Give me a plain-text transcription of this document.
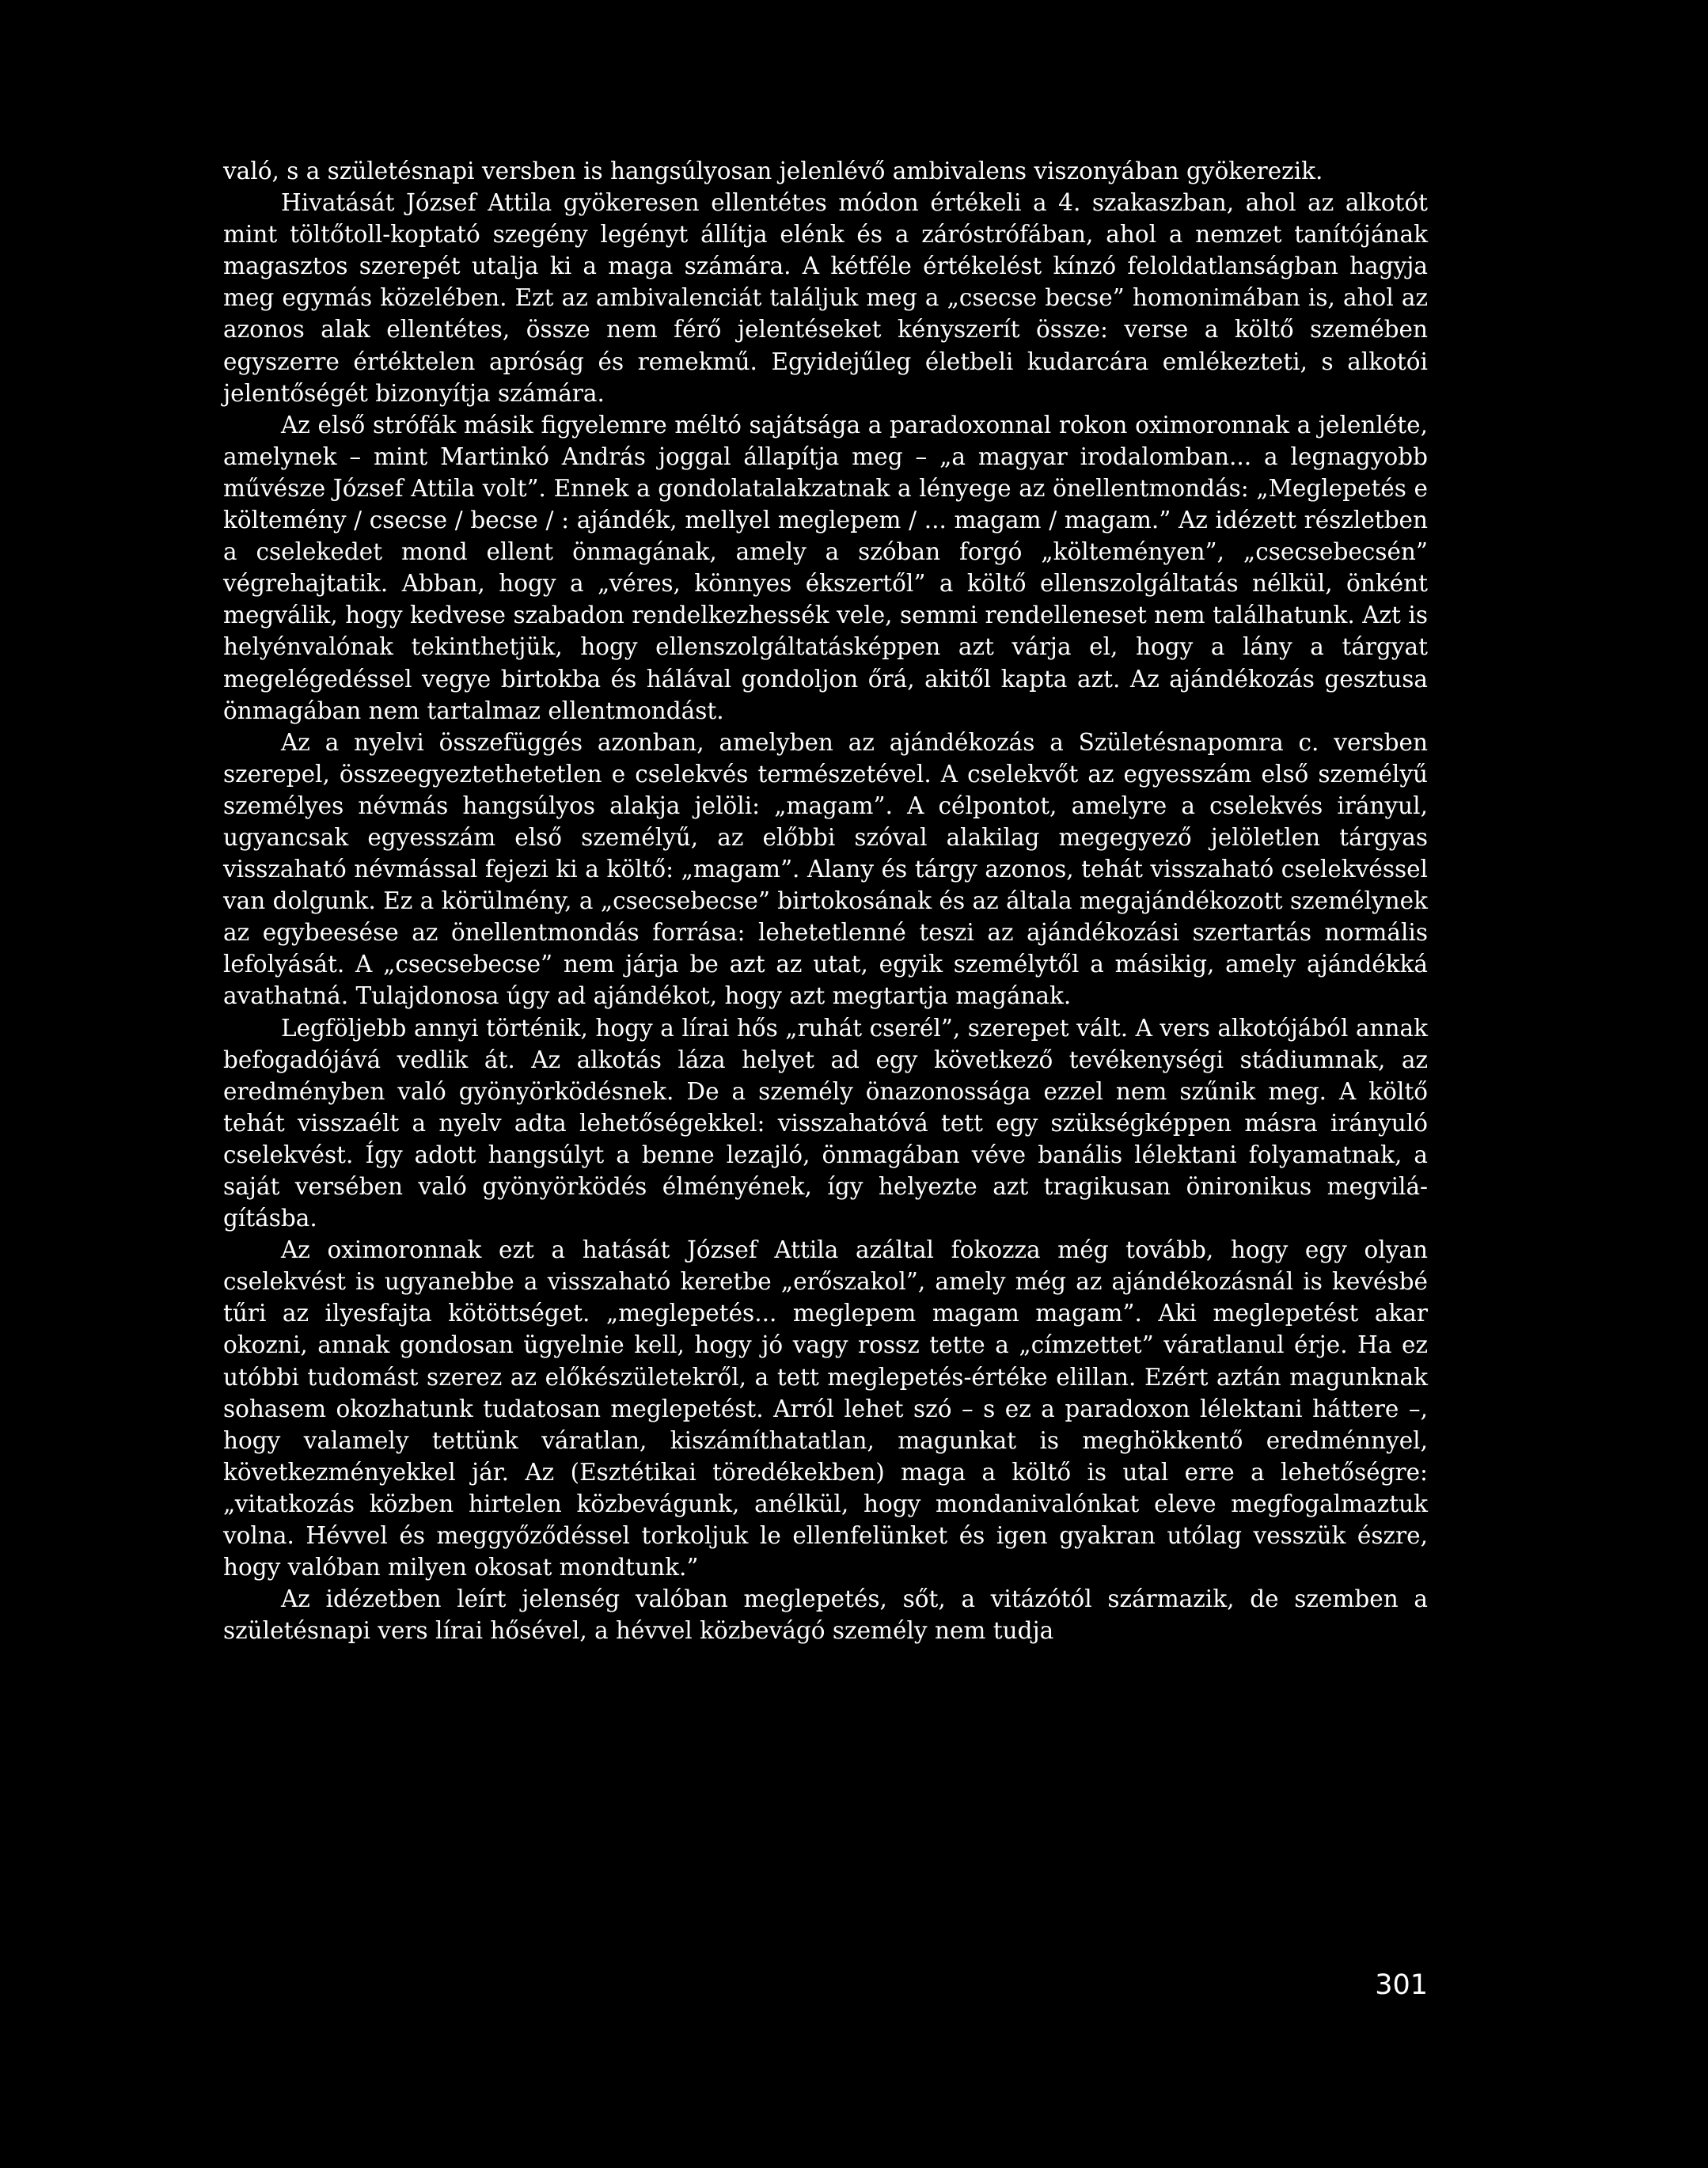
való, s a születésnapi versben is hangsúlyosan jelenlévő ambivalens viszonyában gyökerezik.

Hivatását József Attila gyökeresen ellentétes módon értékeli a 4. szakaszban, ahol az alkotót mint töltőtoll-koptató szegény legényt állítja elénk és a záróstrófában, ahol a nemzet tanítójának magasztos szerepét utalja ki a maga számára. A kétféle értékelést kínzó feloldatlanságban hagyja meg egymás közelében. Ezt az ambivalenciát találjuk meg a „csecse becse” homonimában is, ahol az azonos alak ellentétes, össze nem férő jelentéseket kényszerít össze: verse a költő szemében egyszerre értéktelen apróság és remekmű. Egyidejűleg életbeli kudarcára emlékezteti, s alkotói jelentőségét bizonyítja számára.

Az első strófák másik figyelemre méltó sajátsága a paradoxonnal rokon oximoronnak a jelenléte, amelynek – mint Martinkó András joggal állapítja meg – „a magyar irodalomban... a legnagyobb művésze József Attila volt”. Ennek a gondolatalakzatnak a lényege az önellentmondás: „Meglepetés e költemény / csecse / becse / : ajándék, mellyel meglepem / ... magam / magam.” Az idézett részletben a cselekedet mond ellent önmagának, amely a szóban forgó „költeményen”, „csecsebecsén” végrehajtatik. Abban, hogy a „véres, könnyes ékszertől” a költő ellenszolgáltatás nélkül, önként megválik, hogy kedvese szabadon rendelkezhessék vele, semmi rendelleneset nem találhatunk. Azt is helyénvalónak tekinthetjük, hogy ellenszolgáltatásképpen azt várja el, hogy a lány a tárgyat megelégedéssel vegye birtokba és hálával gondoljon őrá, akitől kapta azt. Az ajándékozás gesztusa önmagában nem tartalmaz ellentmondást.

Az a nyelvi összefüggés azonban, amelyben az ajándékozás a Születésnapomra c. versben szerepel, összeegyeztethetetlen e cselekvés természetével. A cselekvőt az egyesszám első személyű személyes névmás hangsúlyos alakja jelöli: „magam”. A célpontot, amelyre a cselekvés irányul, ugyancsak egyesszám első személyű, az előbbi szóval alakilag megegyező jelöletlen tárgyas visszaható névmással fejezi ki a költő: „magam”. Alany és tárgy azonos, tehát visszaható cselekvéssel van dolgunk. Ez a körülmény, a „csecsebecse” birtokosának és az általa megajándékozott személynek az egybeesése az önellentmondás forrása: lehetetlenné teszi az ajándékozási szertartás normális lefolyását. A „csecsebecse” nem járja be azt az utat, egyik személytől a másikig, amely ajándékká avathatná. Tulajdonosa úgy ad ajándékot, hogy azt megtartja magának.

Legföljebb annyi történik, hogy a lírai hős „ruhát cserél”, szerepet vált. A vers alkotójából annak befogadójává vedlik át. Az alkotás láza helyet ad egy következő tevékenységi stádiumnak, az eredményben való gyönyörködésnek. De a személy önazonossága ezzel nem szűnik meg. A költő tehát visszaélt a nyelv adta lehetőségekkel: visszahatóvá tett egy szükségképpen másra irányuló cselekvést. Így adott hangsúlyt a benne lezajló, önmagában véve banális lélektani folyamatnak, a saját versében való gyönyörködés élményének, így helyezte azt tragikusan önironikus megvilágításba.

Az oximoronnak ezt a hatását József Attila azáltal fokozza még tovább, hogy egy olyan cselekvést is ugyanebbe a visszaható keretbe „erőszakol”, amely még az ajándékozásnál is kevésbé tűri az ilyesfajta kötöttséget. „meglepetés... meglepem magam magam”. Aki meglepetést akar okozni, annak gondosan ügyelnie kell, hogy jó vagy rossz tette a „címzettet” váratlanul érje. Ha ez utóbbi tudomást szerez az előkészületekről, a tett meglepetés-értéke elillan. Ezért aztán magunknak sohasem okozhatunk tudatosan meglepetést. Arról lehet szó – s ez a paradoxon lélektani háttere –, hogy valamely tettünk váratlan, kiszámíthatatlan, magunkat is meghökkentő eredménnyel, következményekkel jár. Az (Esztétikai töredékekben) maga a költő is utal erre a lehetőségre: „vitatkozás közben hirtelen közbevágunk, anélkül, hogy mondanivalónkat eleve megfogalmaztuk volna. Hévvel és meggyőződéssel torkoljuk le ellenfelünket és igen gyakran utólag vesszük észre, hogy valóban milyen okosat mondtunk.”

Az idézetben leírt jelenség valóban meglepetés, sőt, a vitázótól származik, de szemben a születésnapi vers lírai hősével, a hévvel közbevágó személy nem tudja

301
